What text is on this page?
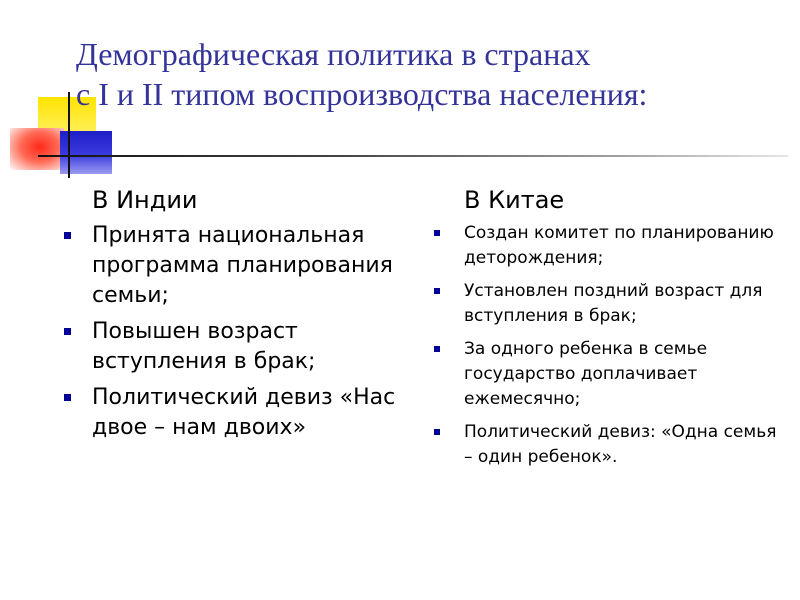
Демографическая политика в странах
с I и II типом воспроизводства населения:
В Индии
Принята национальная программа планирования семьи;
Повышен возраст вступления в брак;
Политический девиз «Нас двое – нам двоих»
В Китае
Создан комитет по планированию деторождения;
Установлен поздний возраст для вступления в брак;
За одного ребенка в семье государство доплачивает ежемесячно;
Политический девиз: «Одна семья – один ребенок».
